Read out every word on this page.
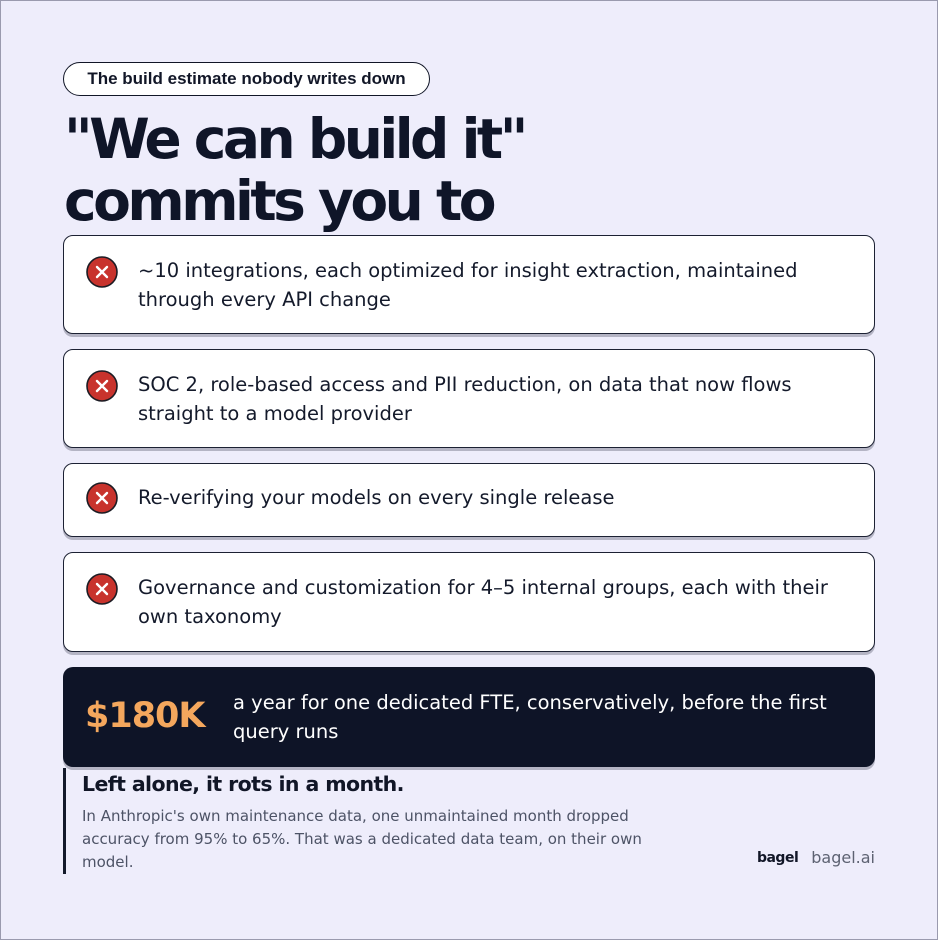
The build estimate nobody writes down
"We can build it"
commits you to
~10 integrations, each optimized for insight extraction, maintained through every API change
SOC 2, role-based access and PII reduction, on data that now flows straight to a model provider
Re-verifying your models on every single release
Governance and customization for 4–5 internal groups, each with their own taxonomy
$180K a year for one dedicated FTE, conservatively, before the first query runs
Left alone, it rots in a month.

In Anthropic's own maintenance data, one unmaintained month dropped accuracy from 95% to 65%. That was a dedicated data team, on their own model.	bagel bagel.ai
